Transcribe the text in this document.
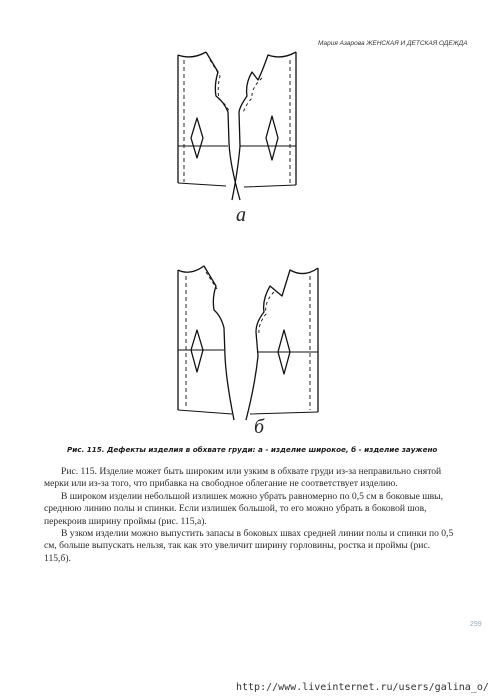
Мария Азарова ЖЕНСКАЯ И ДЕТСКАЯ ОДЕЖДА
а
б
Рис. 115. Дефекты изделия в обхвате груди: а - изделие широкое, б - изделие заужено

Рис. 115. Изделие может быть широким или узким в обхвате груди из-за неправильно снятой мерки или из-за того, что прибавка на свободное облегание не соответствует изделию.

В широком изделии небольшой излишек можно убрать равномерно по 0,5 см в боковые швы, среднюю линию полы и спинки. Если излишек большой, то его можно убрать в боковой шов, перекроив ширину проймы (рис. 115,а).

В узком изделии можно выпустить запасы в боковых швах средней линии полы и спинки по 0,5 см, больше выпускать нельзя, так как это увеличит ширину горловины, ростка и проймы (рис. 115,б).

299
http://www.liveinternet.ru/users/galina_o/
